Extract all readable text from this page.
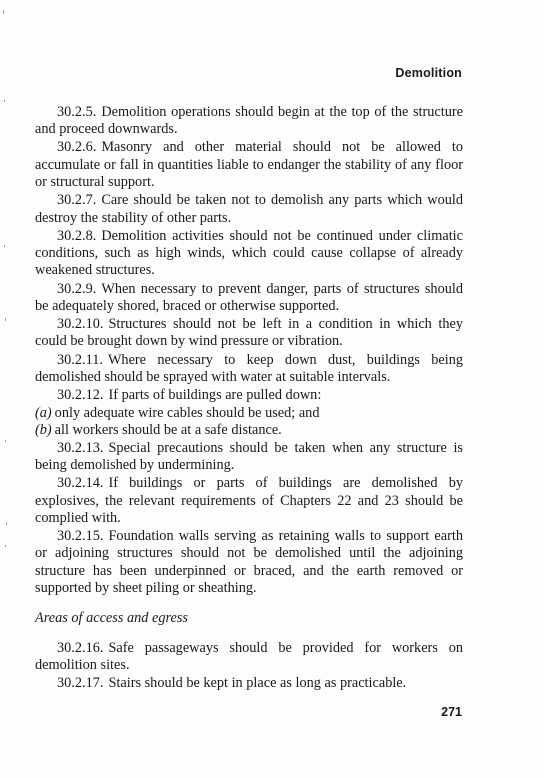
Demolition

30.2.5. Demolition operations should begin at the top of the structure and proceed downwards.

30.2.6. Masonry and other material should not be allowed to accumulate or fall in quantities liable to endanger the stability of any floor or structural support.

30.2.7. Care should be taken not to demolish any parts which would destroy the stability of other parts.

30.2.8. Demolition activities should not be continued under climatic conditions, such as high winds, which could cause collapse of already weakened structures.

30.2.9. When necessary to prevent danger, parts of structures should be adequately shored, braced or otherwise supported.

30.2.10. Structures should not be left in a condition in which they could be brought down by wind pressure or vibration.

30.2.11. Where necessary to keep down dust, buildings being demolished should be sprayed with water at suitable intervals.

30.2.12. If parts of buildings are pulled down:

(a) only adequate wire cables should be used; and

(b) all workers should be at a safe distance.

30.2.13. Special precautions should be taken when any structure is being demolished by undermining.

30.2.14. If buildings or parts of buildings are demolished by explosives, the relevant requirements of Chapters 22 and 23 should be complied with.

30.2.15. Foundation walls serving as retaining walls to support earth or adjoining structures should not be demolished until the adjoining structure has been underpinned or braced, and the earth removed or supported by sheet piling or sheathing.

Areas of access and egress

30.2.16. Safe passageways should be provided for workers on demolition sites.

30.2.17. Stairs should be kept in place as long as practicable.

271
